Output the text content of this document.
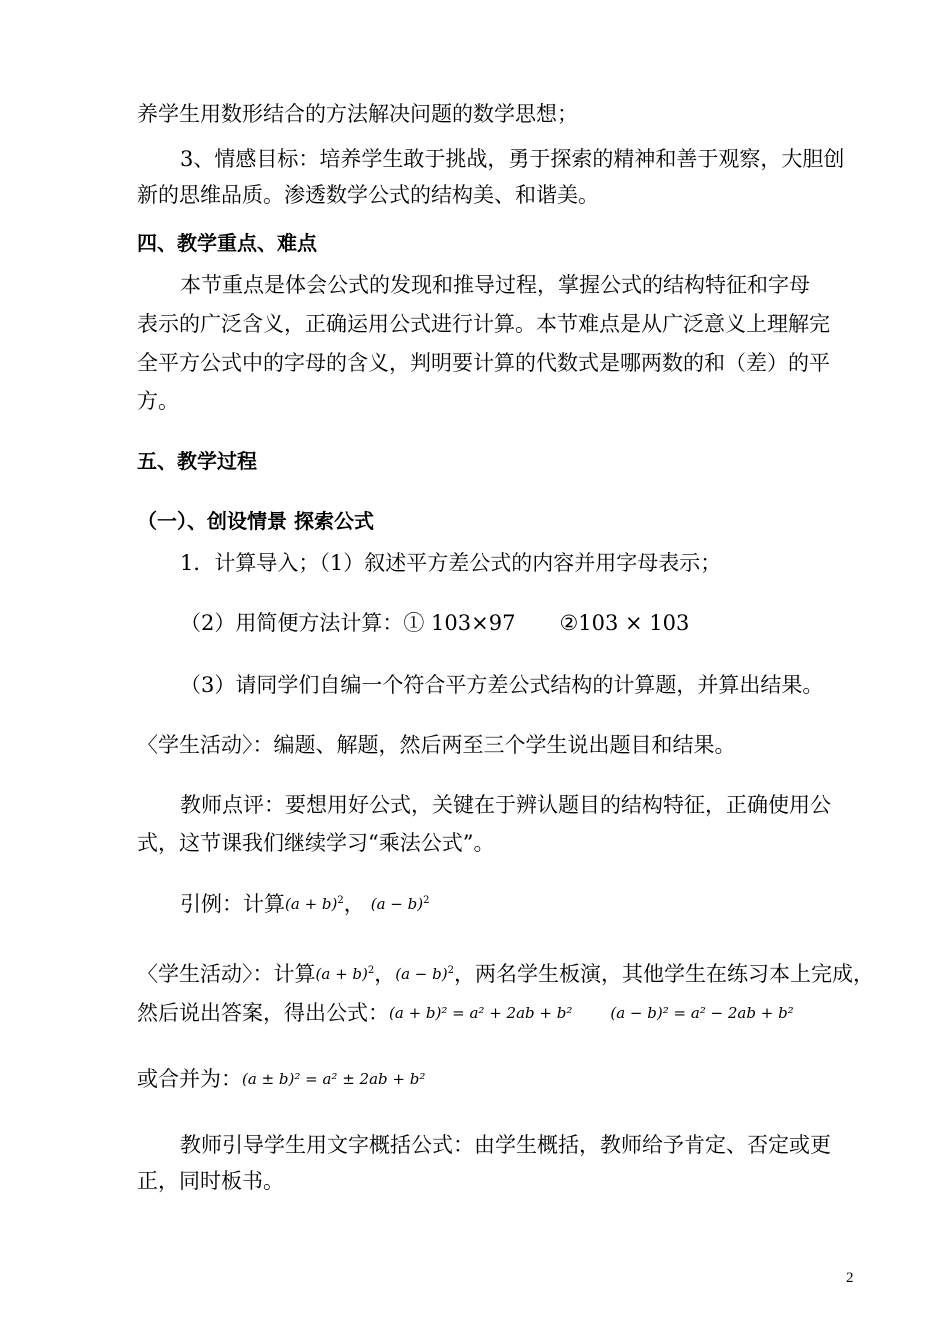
养学生用数形结合的方法解决问题的数学思想；
3、情感目标：培养学生敢于挑战，勇于探索的精神和善于观察，大胆创
新的思维品质。渗透数学公式的结构美、和谐美。
四、教学重点、难点
本节重点是体会公式的发现和推导过程，掌握公式的结构特征和字母
表示的广泛含义，正确运用公式进行计算。本节难点是从广泛意义上理解完
全平方公式中的字母的含义，判明要计算的代数式是哪两数的和（差）的平
方。
五、教学过程
（一）、创设情景 探索公式
1．计算导入；（1）叙述平方差公式的内容并用字母表示；
（2）用简便方法计算：① 103×97 ②103 × 103
（3）请同学们自编一个符合平方差公式结构的计算题，并算出结果。
〈学生活动〉：编题、解题，然后两至三个学生说出题目和结果。
教师点评：要想用好公式，关键在于辨认题目的结构特征，正确使用公
式，这节课我们继续学习“乘法公式”。
引例：计算$(a + b)^2$， $(a - b)^2$
〈学生活动〉：计算$(a + b)^2$，$(a - b)^2$，两名学生板演，其他学生在练习本上完成，
然后说出答案，得出公式：(a + b)² = a² + 2ab + b²	(a − b)² = a² − 2ab + b²
或合并为：(a ± b)² = a² ± 2ab + b²
教师引导学生用文字概括公式：由学生概括，教师给予肯定、否定或更
正，同时板书。
2
